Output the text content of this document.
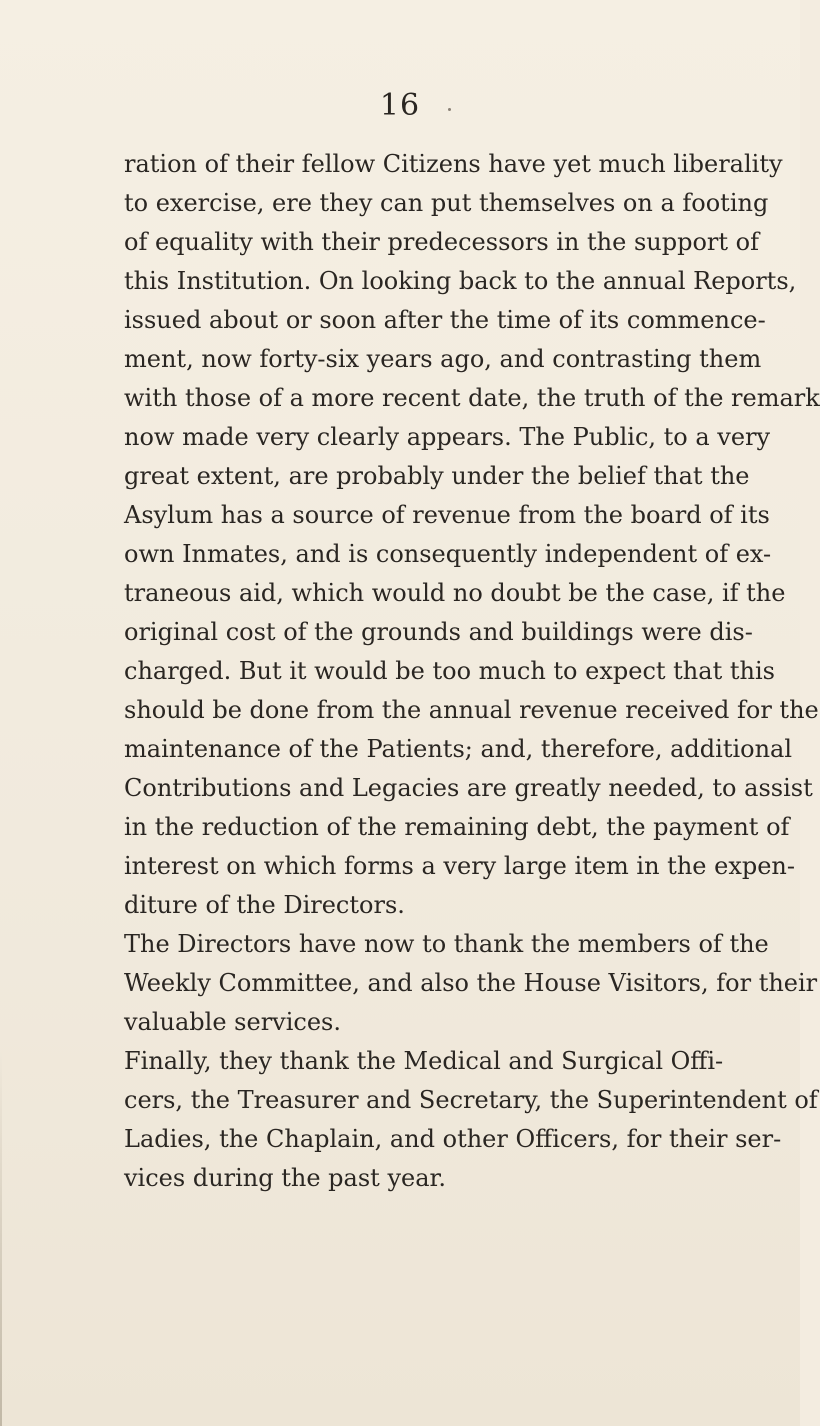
16
ration of their fellow Citizens have yet much liberality
to exercise, ere they can put themselves on a footing
of equality with their predecessors in the support of
this Institution. On looking back to the annual Reports,
issued about or soon after the time of its commence-
ment, now forty-six years ago, and contrasting them
with those of a more recent date, the truth of the remark
now made very clearly appears. The Public, to a very
great extent, are probably under the belief that the
Asylum has a source of revenue from the board of its
own Inmates, and is consequently independent of ex-
traneous aid, which would no doubt be the case, if the
original cost of the grounds and buildings were dis-
charged. But it would be too much to expect that this
should be done from the annual revenue received for the
maintenance of the Patients; and, therefore, additional
Contributions and Legacies are greatly needed, to assist
in the reduction of the remaining debt, the payment of
interest on which forms a very large item in the expen-
diture of the Directors.
The Directors have now to thank the members of the
Weekly Committee, and also the House Visitors, for their
valuable services.
Finally, they thank the Medical and Surgical Offi-
cers, the Treasurer and Secretary, the Superintendent of
Ladies, the Chaplain, and other Officers, for their ser-
vices during the past year.
